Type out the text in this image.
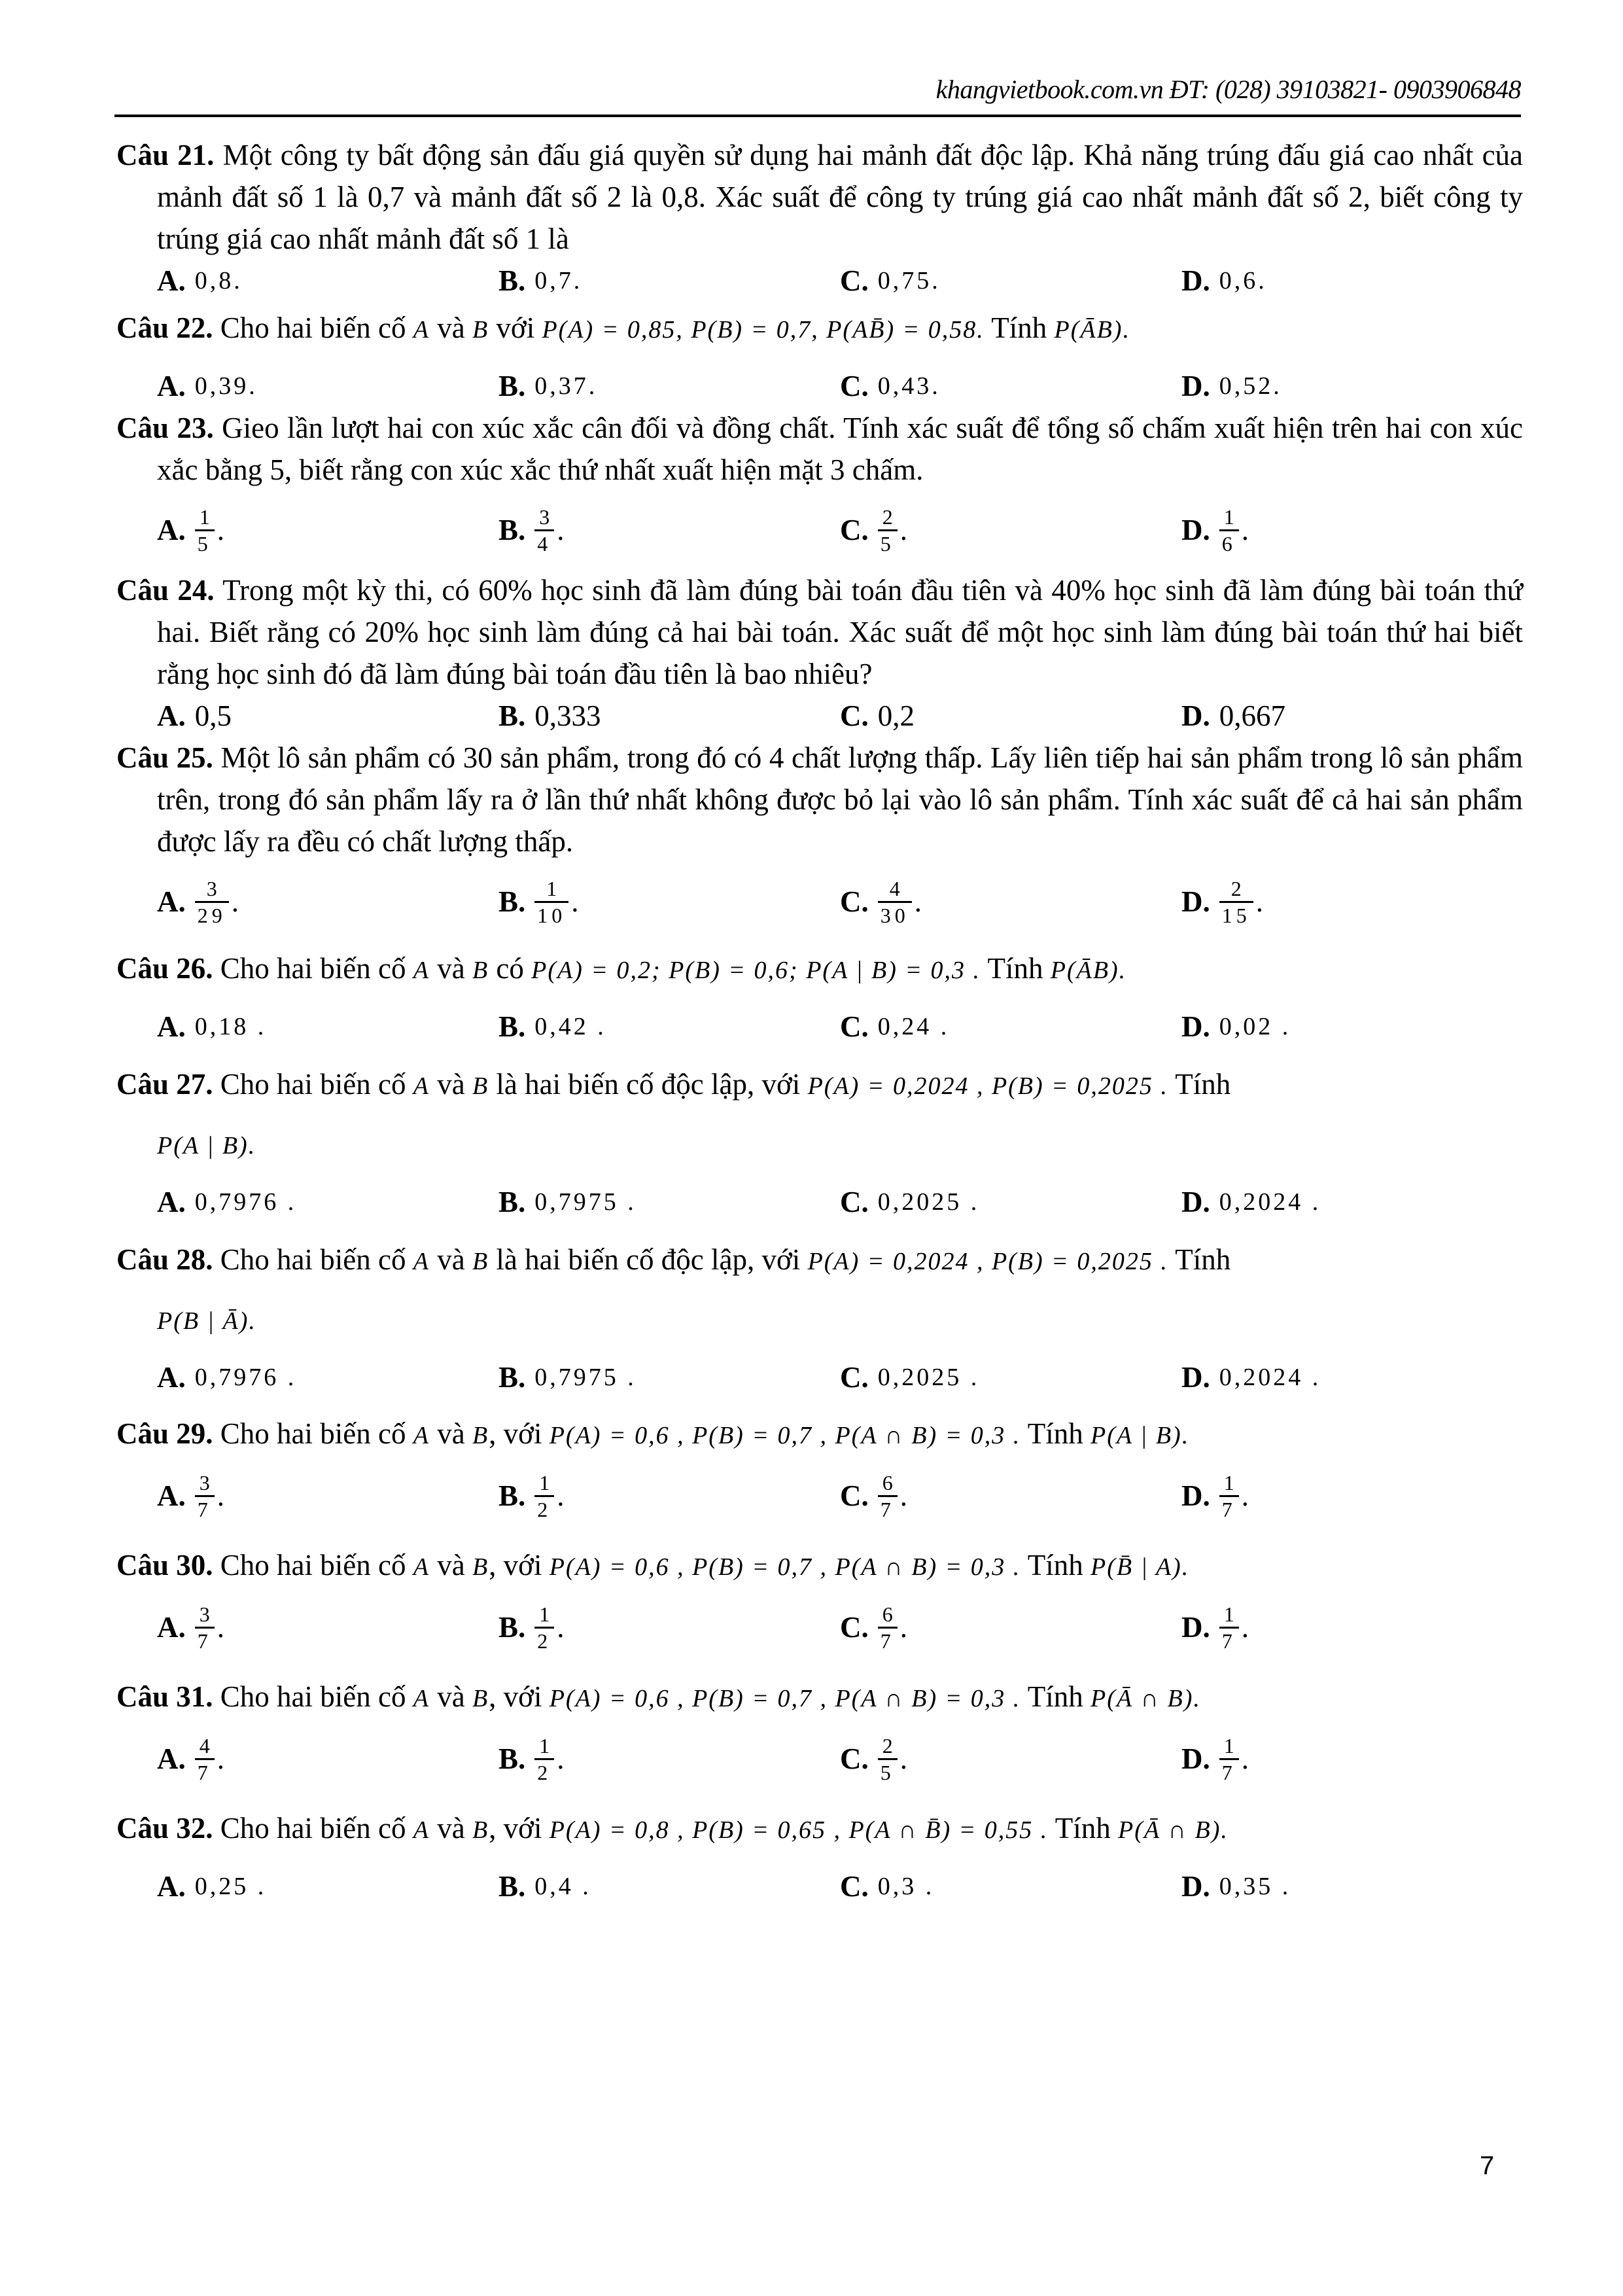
khangvietbook.com.vn ĐT: (028) 39103821- 0903906848
Câu 21. Một công ty bất động sản đấu giá quyền sử dụng hai mảnh đất độc lập. Khả năng trúng đấu giá cao nhất của mảnh đất số 1 là 0,7 và mảnh đất số 2 là 0,8. Xác suất để công ty trúng giá cao nhất mảnh đất số 2, biết công ty trúng giá cao nhất mảnh đất số 1 là
A. 0,8.	B. 0,7.	C. 0,75.	D. 0,6.
Câu 22. Cho hai biến cố A và B với P(A) = 0,85, P(B) = 0,7, P(AB̄) = 0,58. Tính P(ĀB).
A. 0,39.	B. 0,37.	C. 0,43.	D. 0,52.
Câu 23. Gieo lần lượt hai con xúc xắc cân đối và đồng chất. Tính xác suất để tổng số chấm xuất hiện trên hai con xúc xắc bằng 5, biết rằng con xúc xắc thứ nhất xuất hiện mặt 3 chấm.
A. $\frac{1}{5}$ .	B. $\frac{3}{4}$ .	C. $\frac{2}{5}$ .	D. $\frac{1}{6}$ .
Câu 24. Trong một kỳ thi, có 60% học sinh đã làm đúng bài toán đầu tiên và 40% học sinh đã làm đúng bài toán thứ hai. Biết rằng có 20% học sinh làm đúng cả hai bài toán. Xác suất để một học sinh làm đúng bài toán thứ hai biết rằng học sinh đó đã làm đúng bài toán đầu tiên là bao nhiêu?
A. 0,5	B. 0,333	C. 0,2	D. 0,667
Câu 25. Một lô sản phẩm có 30 sản phẩm, trong đó có 4 chất lượng thấp. Lấy liên tiếp hai sản phẩm trong lô sản phẩm trên, trong đó sản phẩm lấy ra ở lần thứ nhất không được bỏ lại vào lô sản phẩm. Tính xác suất để cả hai sản phẩm được lấy ra đều có chất lượng thấp.
A. $\frac{3}{29}$ .	B. $\frac{1}{10}$ .	C. $\frac{4}{30}$ .	D. $\frac{2}{15}$ .
Câu 26. Cho hai biến cố A và B có P(A) = 0,2; P(B) = 0,6; P(A | B) = 0,3 . Tính P(ĀB).
A. 0,18 .	B. 0,42 .	C. 0,24 .	D. 0,02 .
Câu 27. Cho hai biến cố A và B là hai biến cố độc lập, với P(A) = 0,2024 , P(B) = 0,2025 . Tính
P(A | B).
A. 0,7976 .	B. 0,7975 .	C. 0,2025 .	D. 0,2024 .
Câu 28. Cho hai biến cố A và B là hai biến cố độc lập, với P(A) = 0,2024 , P(B) = 0,2025 . Tính
P(B | Ā).
A. 0,7976 .	B. 0,7975 .	C. 0,2025 .	D. 0,2024 .
Câu 29. Cho hai biến cố A và B, với P(A) = 0,6 , P(B) = 0,7 , P(A ∩ B) = 0,3 . Tính P(A | B).
A. $\frac{3}{7}$ .	B. $\frac{1}{2}$ .	C. $\frac{6}{7}$ .	D. $\frac{1}{7}$ .
Câu 30. Cho hai biến cố A và B, với P(A) = 0,6 , P(B) = 0,7 , P(A ∩ B) = 0,3 . Tính P(B̄ | A).
A. $\frac{3}{7}$ .	B. $\frac{1}{2}$ .	C. $\frac{6}{7}$ .	D. $\frac{1}{7}$ .
Câu 31. Cho hai biến cố A và B, với P(A) = 0,6 , P(B) = 0,7 , P(A ∩ B) = 0,3 . Tính P(Ā ∩ B).
A. $\frac{4}{7}$ .	B. $\frac{1}{2}$ .	C. $\frac{2}{5}$ .	D. $\frac{1}{7}$ .
Câu 32. Cho hai biến cố A và B, với P(A) = 0,8 , P(B) = 0,65 , P(A ∩ B̄) = 0,55 . Tính P(Ā ∩ B).
A. 0,25 .	B. 0,4 .	C. 0,3 .	D. 0,35 .
7
